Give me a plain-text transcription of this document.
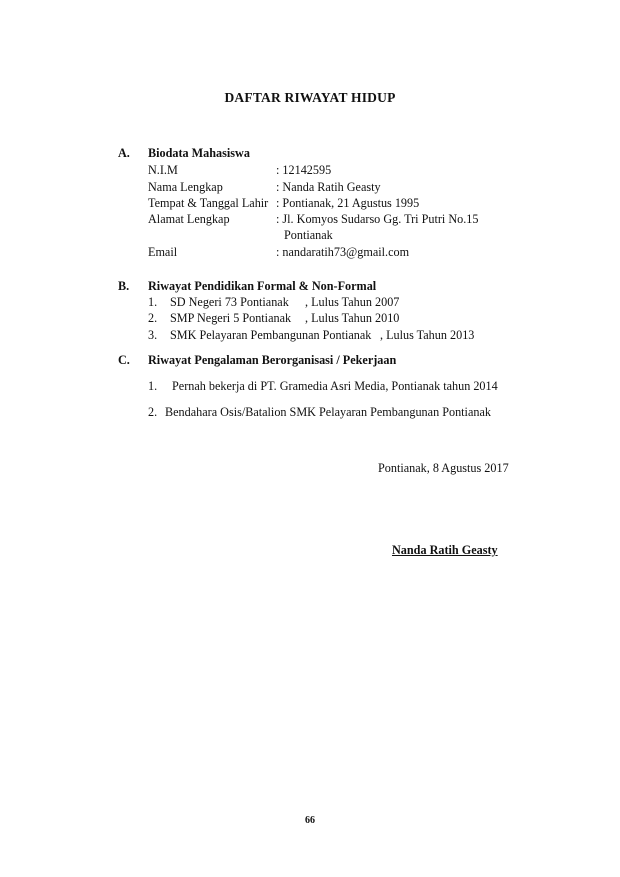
DAFTAR RIWAYAT HIDUP
A. Biodata Mahasiswa
N.I.M	: 12142595
Nama Lengkap	: Nanda Ratih Geasty
Tempat & Tanggal Lahir : Pontianak, 21 Agustus 1995
Alamat Lengkap	: Jl. Komyos Sudarso Gg. Tri Putri No.15
Pontianak
Email	: nandaratih73@gmail.com
B. Riwayat Pendidikan Formal & Non-Formal
1. SD Negeri 73 Pontianak , Lulus Tahun 2007
2. SMP Negeri 5 Pontianak , Lulus Tahun 2010
3. SMK Pelayaran Pembangunan Pontianak , Lulus Tahun 2013
C. Riwayat Pengalaman Berorganisasi / Pekerjaan
1. Pernah bekerja di PT. Gramedia Asri Media, Pontianak tahun 2014
2. Bendahara Osis/Batalion SMK Pelayaran Pembangunan Pontianak
Pontianak, 8 Agustus 2017
Nanda Ratih Geasty
66
